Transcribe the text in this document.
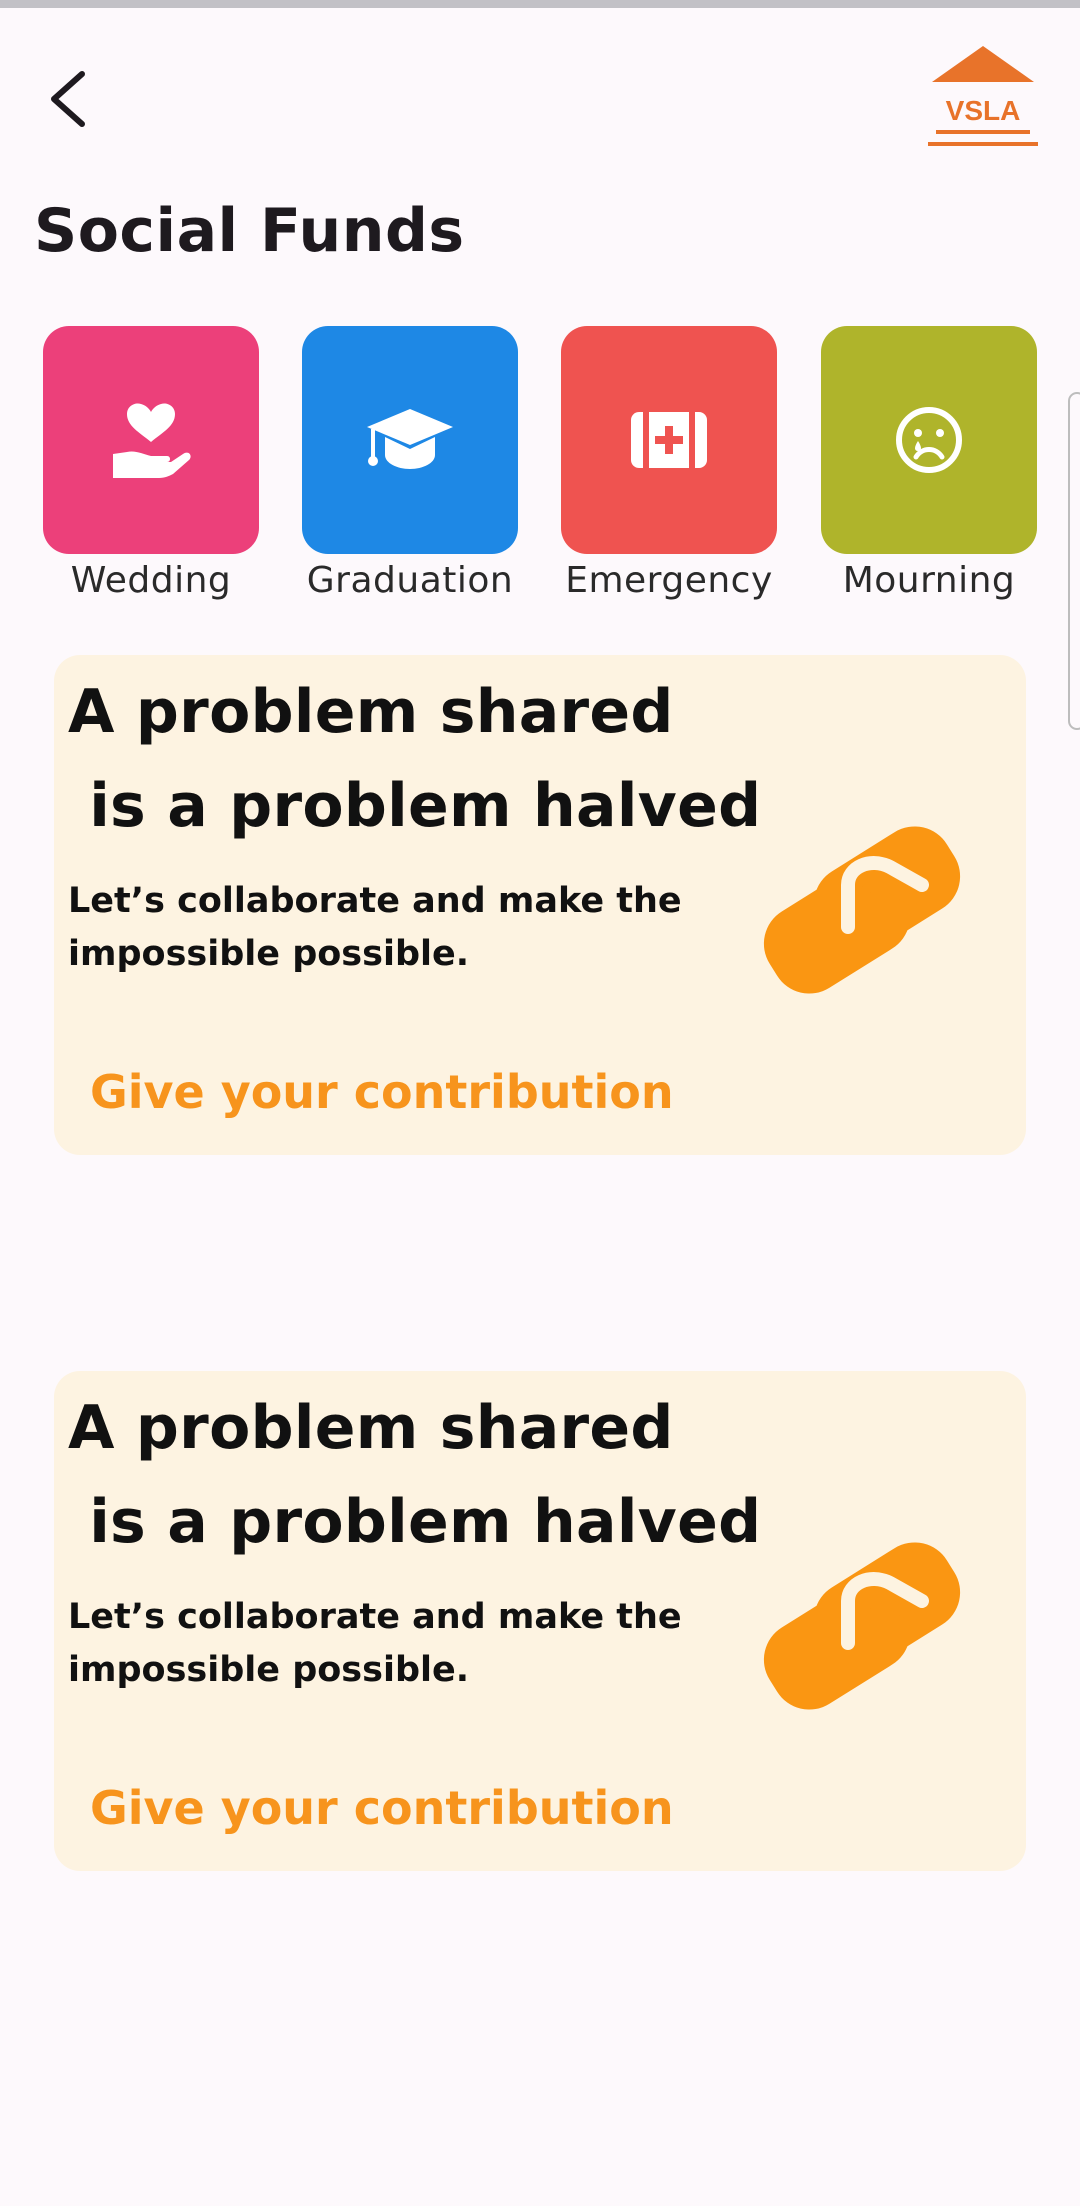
VSLA
Social Funds
Wedding	Graduation Emergency	Mourning
A problem shared
is a problem halved
Let’s collaborate and make the impossible possible.
Give your contribution
A problem shared
is a problem halved
Let’s collaborate and make the impossible possible.
Give your contribution
